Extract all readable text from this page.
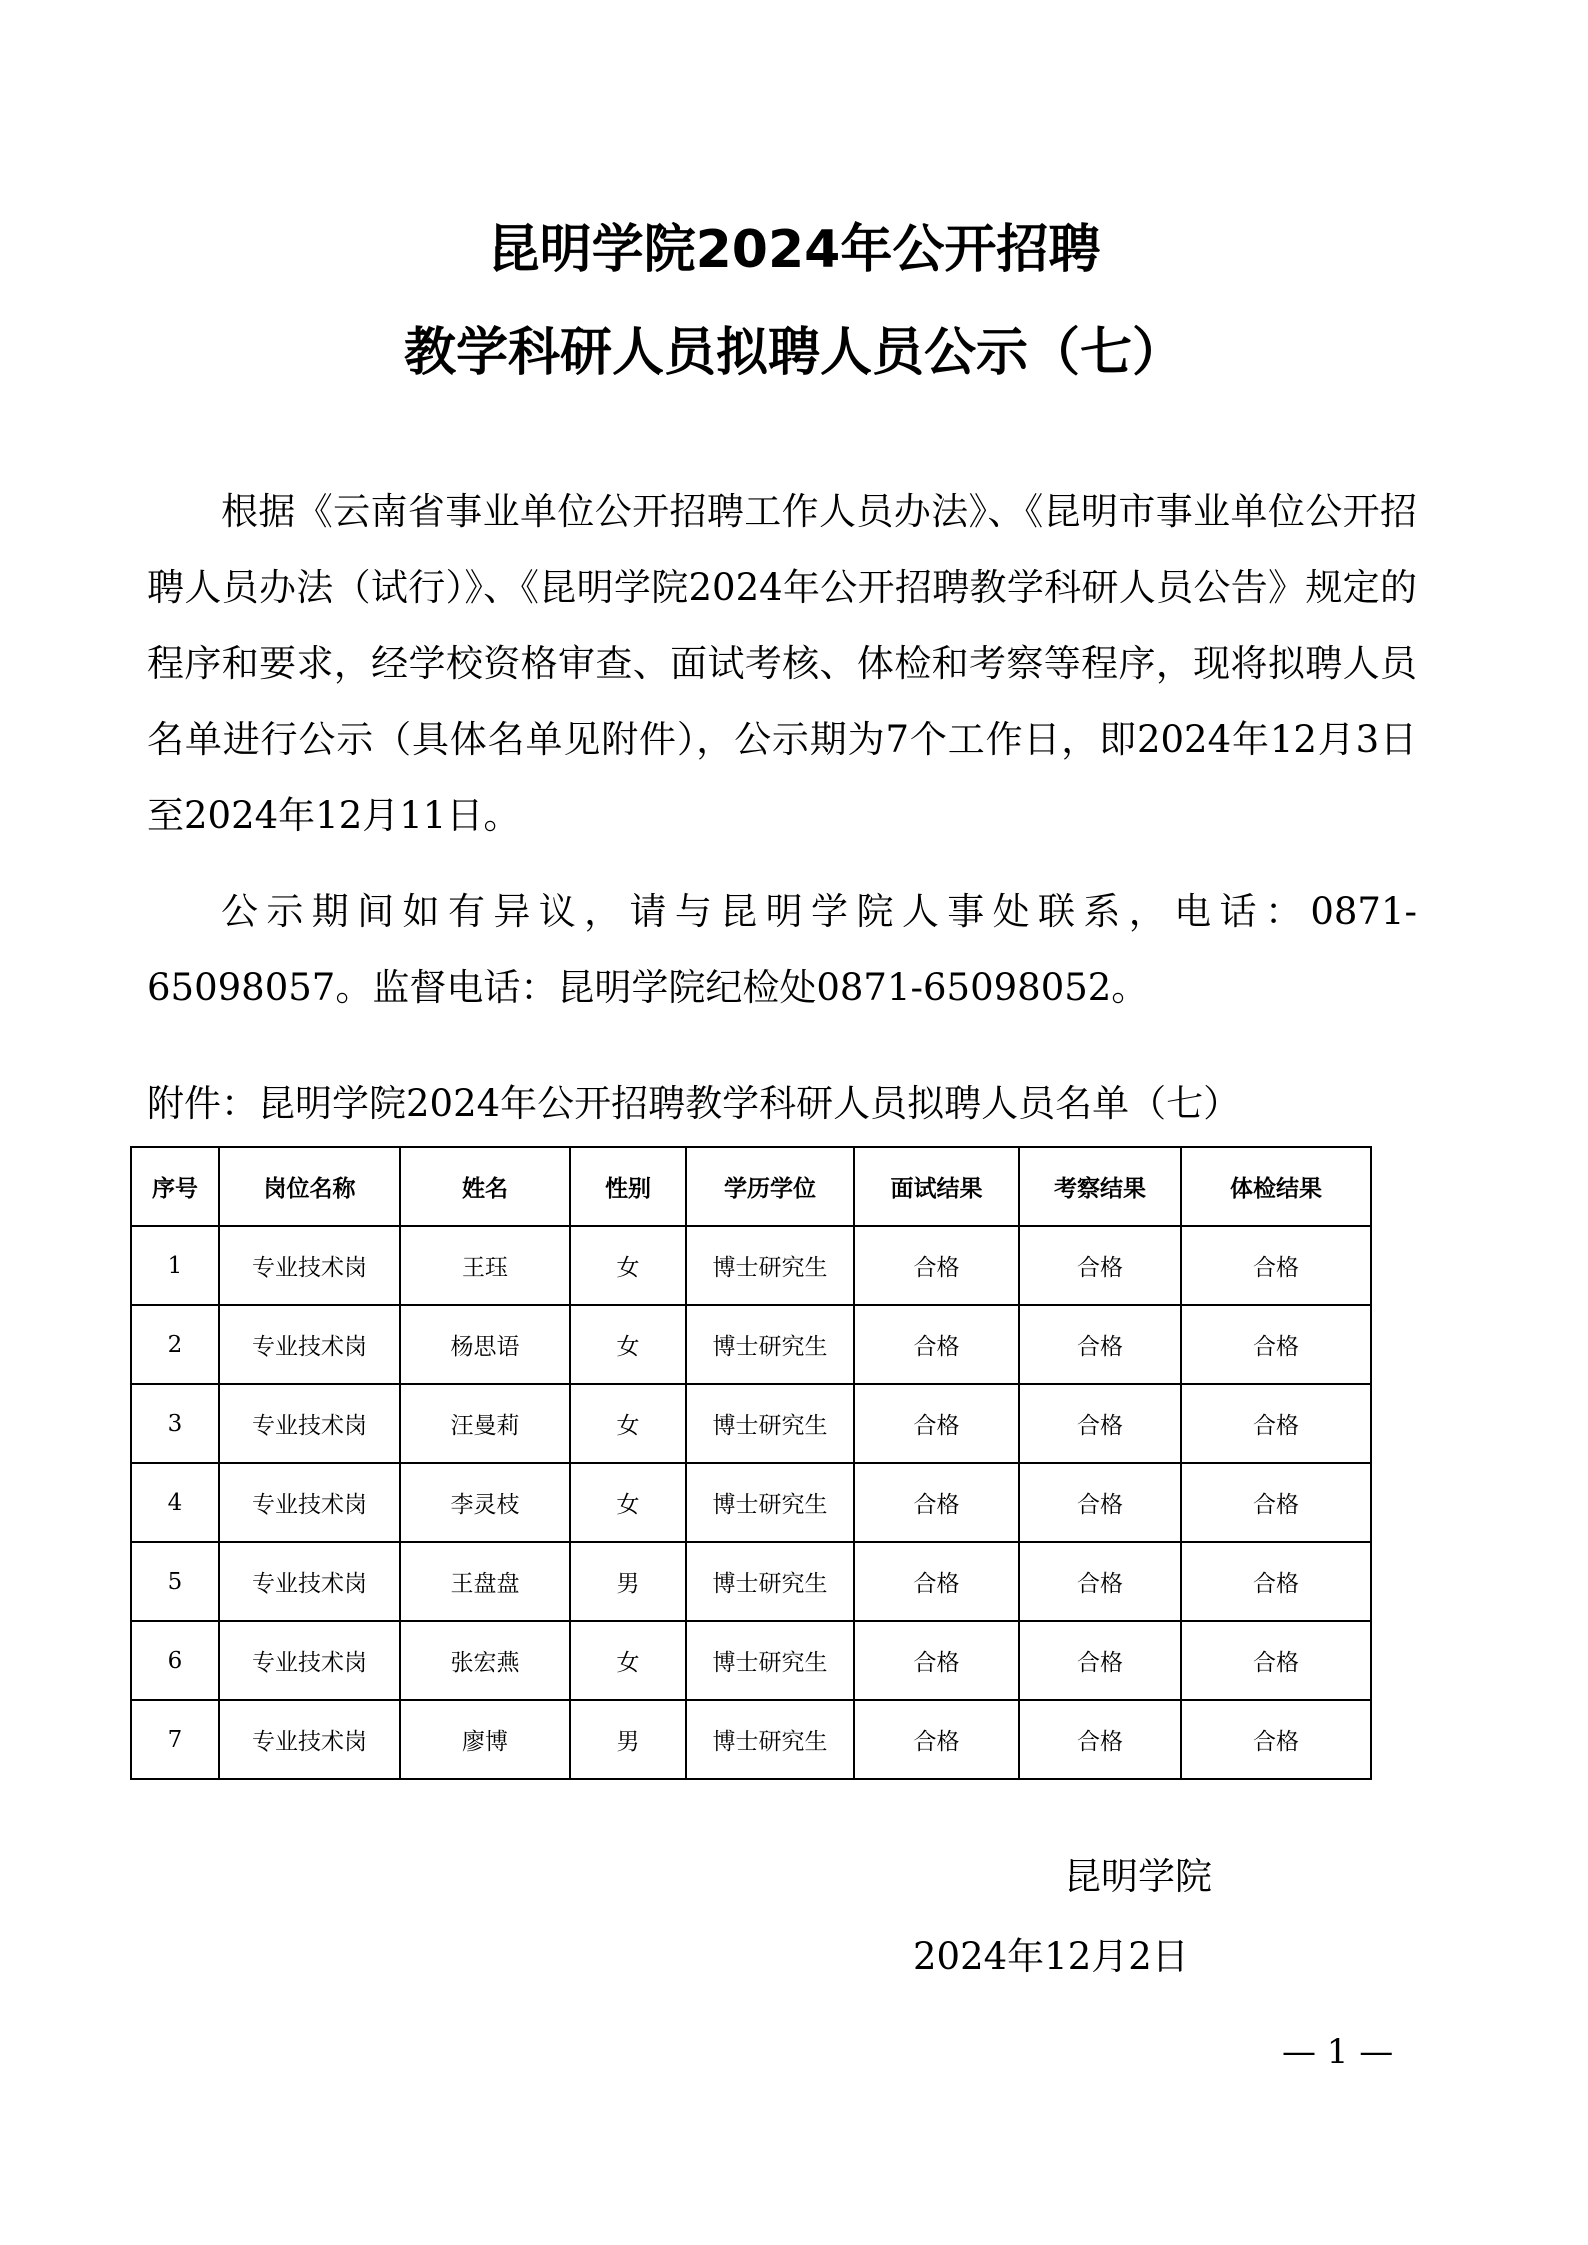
昆明学院2024年公开招聘
教学科研人员拟聘人员公示（七）

根据《云南省事业单位公开招聘工作人员办法》、《昆明市事业单位公开招聘人员办法（试行）》、《昆明学院2024年公开招聘教学科研人员公告》规定的程序和要求，经学校资格审查、面试考核、体检和考察等程序，现将拟聘人员名单进行公示（具体名单见附件），公示期为7个工作日，即2024年12月3日至2024年12月11日。

公示期间如有异议，请与昆明学院人事处联系，电话：0871-65098057。监督电话：昆明学院纪检处0871-65098052。

附件：昆明学院2024年公开招聘教学科研人员拟聘人员名单（七）
序号	岗位名称	姓名	性别	学历学位	面试结果	考察结果	体检结果
1	专业技术岗	王珏	女	博士研究生	合格	合格	合格
2	专业技术岗	杨思语	女	博士研究生	合格	合格	合格
3	专业技术岗	汪曼莉	女	博士研究生	合格	合格	合格
4	专业技术岗	李灵枝	女	博士研究生	合格	合格	合格
5	专业技术岗	王盘盘	男	博士研究生	合格	合格	合格
6	专业技术岗	张宏燕	女	博士研究生	合格	合格	合格
7	专业技术岗	廖博	男	博士研究生	合格	合格	合格
昆明学院
2024年12月2日
— 1 —
